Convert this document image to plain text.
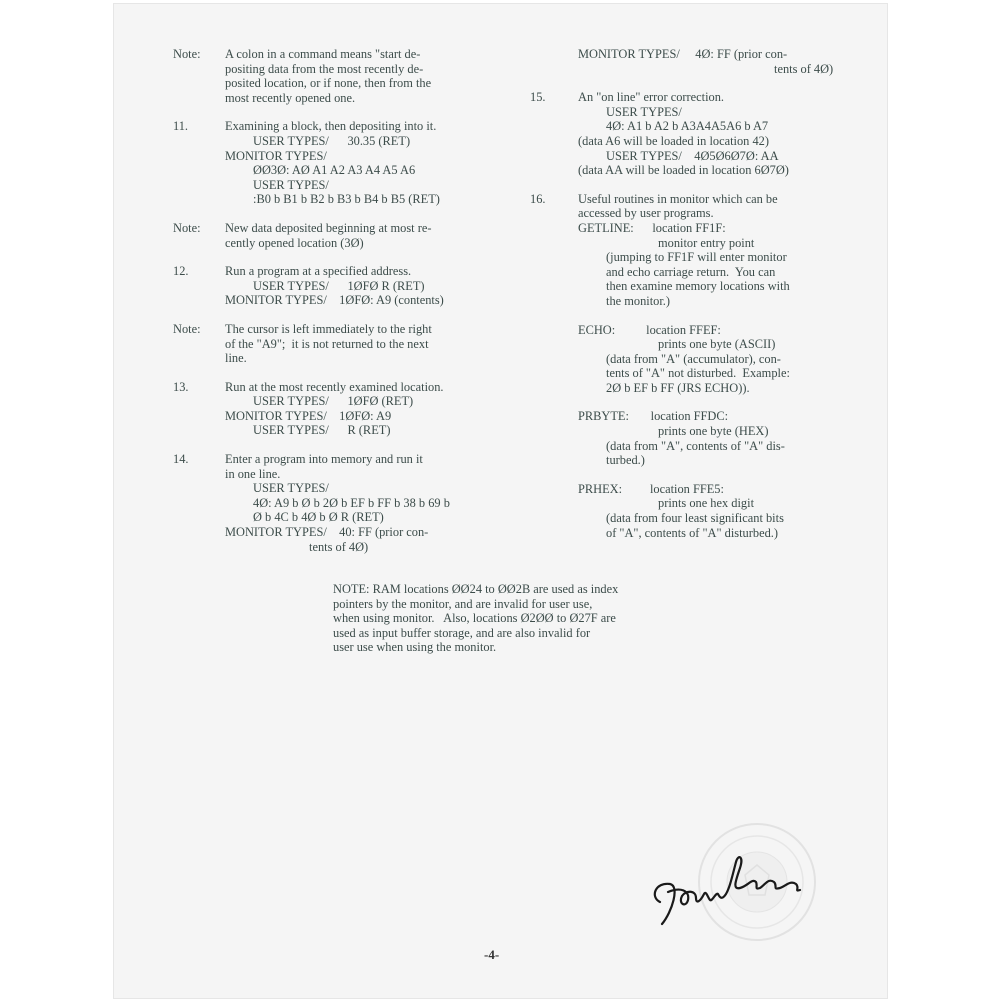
Note: A colon in a command means "start de-
positing data from the most recently de-
posited location, or if none, then from the
most recently opened one.
11.	Examining a block, then depositing into it.
USER TYPES/      30.35 (RET)
MONITOR TYPES/
ØØ3Ø: AØ A1 A2 A3 A4 A5 A6
USER TYPES/
:B0 b B1 b B2 b B3 b B4 b B5 (RET)
Note: New data deposited beginning at most re-
cently opened location (3Ø)
12.	Run a program at a specified address.
USER TYPES/      1ØFØ R (RET)
MONITOR TYPES/    1ØFØ: A9 (contents)
Note: The cursor is left immediately to the right
of the "A9";  it is not returned to the next
line.
13.	Run at the most recently examined location.
USER TYPES/      1ØFØ (RET)
MONITOR TYPES/    1ØFØ: A9
USER TYPES/      R (RET)
14.	Enter a program into memory and run it
in one line.
USER TYPES/
4Ø: A9 b Ø b 2Ø b EF b FF b 38 b 69 b
Ø b 4C b 4Ø b Ø R (RET)
MONITOR TYPES/    40: FF (prior con-
tents of 4Ø)
MONITOR TYPES/     4Ø: FF (prior con-
tents of 4Ø)
15.	An "on line" error correction.
USER TYPES/
4Ø: A1 b A2 b A3A4A5A6 b A7
(data A6 will be loaded in location 42)
USER TYPES/    4Ø5Ø6Ø7Ø: AA
(data AA will be loaded in location 6Ø7Ø)
16.	Useful routines in monitor which can be
accessed by user programs.
GETLINE:      location FF1F:
monitor entry point
(jumping to FF1F will enter monitor
and echo carriage return.  You can
then examine memory locations with
the monitor.)
ECHO:          location FFEF:
prints one byte (ASCII)
(data from "A" (accumulator), con-
tents of "A" not disturbed.  Example:
2Ø b EF b FF (JRS ECHO)).
PRBYTE:       location FFDC:
prints one byte (HEX)
(data from "A", contents of "A" dis-
turbed.)
PRHEX:         location FFE5:
prints one hex digit
(data from four least significant bits
of "A", contents of "A" disturbed.)
NOTE: RAM locations ØØ24 to ØØ2B are used as index
pointers by the monitor, and are invalid for user use,
when using monitor.   Also, locations Ø2ØØ to Ø27F are
used as input buffer storage, and are also invalid for
user use when using the monitor.
-4-
